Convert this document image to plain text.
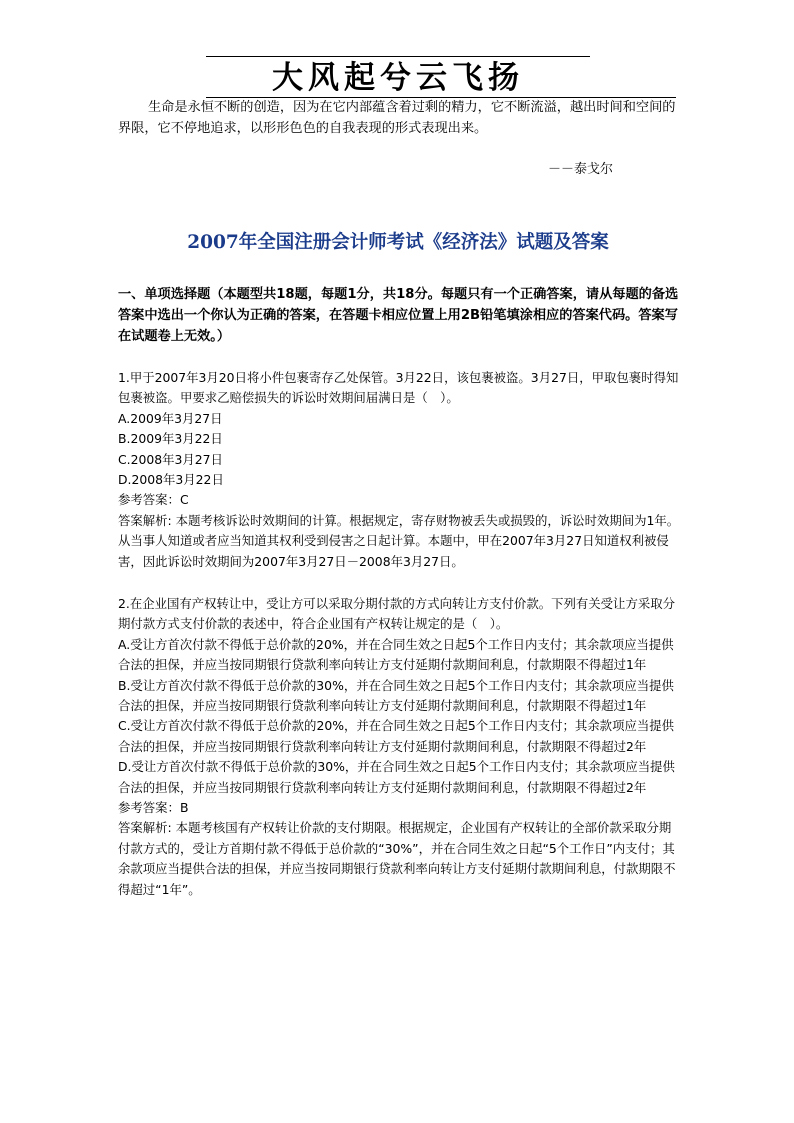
大风起兮云飞扬
生命是永恒不断的创造，因为在它内部蕴含着过剩的精力，它不断流溢，越出时间和空间的界限，它不停地追求，以形形色色的自我表现的形式表现出来。
－－泰戈尔
2007年全国注册会计师考试《经济法》试题及答案
一、单项选择题（本题型共18题，每题1分，共18分。每题只有一个正确答案，请从每题的备选答案中选出一个你认为正确的答案，在答题卡相应位置上用2B铅笔填涂相应的答案代码。答案写在试题卷上无效。）

1.甲于2007年3月20日将小件包裹寄存乙处保管。3月22日，该包裹被盗。3月27日，甲取包裹时得知包裹被盗。甲要求乙赔偿损失的诉讼时效期间届满日是（　）。

A.2009年3月27日

B.2009年3月22日

C.2008年3月27日

D.2008年3月22日

参考答案：C

答案解析: 本题考核诉讼时效期间的计算。根据规定，寄存财物被丢失或损毁的，诉讼时效期间为1年。从当事人知道或者应当知道其权利受到侵害之日起计算。本题中，甲在2007年3月27日知道权利被侵害，因此诉讼时效期间为2007年3月27日－2008年3月27日。

2.在企业国有产权转让中，受让方可以采取分期付款的方式向转让方支付价款。下列有关受让方采取分期付款方式支付价款的表述中，符合企业国有产权转让规定的是（　）。

A.受让方首次付款不得低于总价款的20%，并在合同生效之日起5个工作日内支付；其余款项应当提供合法的担保，并应当按同期银行贷款利率向转让方支付延期付款期间利息，付款期限不得超过1年

B.受让方首次付款不得低于总价款的30%，并在合同生效之日起5个工作日内支付；其余款项应当提供合法的担保，并应当按同期银行贷款利率向转让方支付延期付款期间利息，付款期限不得超过1年

C.受让方首次付款不得低于总价款的20%，并在合同生效之日起5个工作日内支付；其余款项应当提供合法的担保，并应当按同期银行贷款利率向转让方支付延期付款期间利息，付款期限不得超过2年

D.受让方首次付款不得低于总价款的30%，并在合同生效之日起5个工作日内支付；其余款项应当提供合法的担保，并应当按同期银行贷款利率向转让方支付延期付款期间利息，付款期限不得超过2年

参考答案：B

答案解析: 本题考核国有产权转让价款的支付期限。根据规定，企业国有产权转让的全部价款采取分期付款方式的，受让方首期付款不得低于总价款的“30%”，并在合同生效之日起“5个工作日”内支付；其余款项应当提供合法的担保，并应当按同期银行贷款利率向转让方支付延期付款期间利息，付款期限不得超过“1年”。
